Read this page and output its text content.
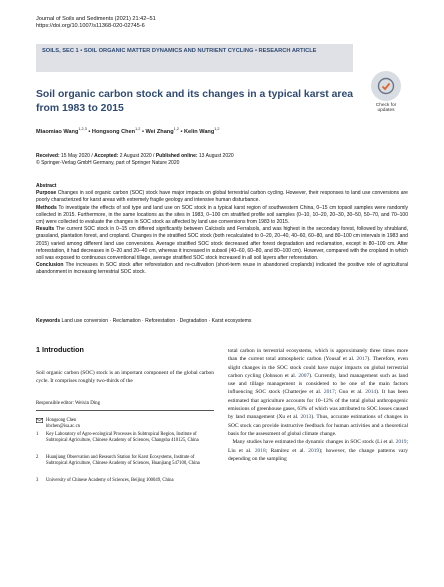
Journal of Soils and Sediments (2021) 21:42–51
https://doi.org/10.1007/s11368-020-02745-6
SOILS, SEC 1 • SOIL ORGANIC MATTER DYNAMICS AND NUTRIENT CYCLING • RESEARCH ARTICLE
Check for
updates
Soil organic carbon stock and its changes in a typical karst area from 1983 to 2015
Miaomiao Wang$^{1,2,3}$ • Hongsong Chen$^{1,2}$ • Wei Zhang$^{1,2}$ • Kelin Wang$^{1,2}$
Received: 15 May 2020 / Accepted: 2 August 2020 / Published online: 13 August 2020
© Springer-Verlag GmbH Germany, part of Springer Nature 2020

Abstract

Purpose Changes in soil organic carbon (SOC) stock have major impacts on global terrestrial carbon cycling. However, their responses to land use conversions are poorly characterized for karst areas with extremely fragile geology and intensive human disturbance.

Methods To investigate the effects of soil type and land use on SOC stock in a typical karst region of southwestern China, 0–15 cm topsoil samples were randomly collected in 2015. Furthermore, in the same locations as the sites in 1983, 0–100 cm stratified profile soil samples (0–10, 10–20, 20–30, 30–50, 50–70, and 70–100 cm) were collected to evaluate the changes in SOC stock as affected by land use conversions from 1983 to 2015.

Results The current SOC stock in 0–15 cm differed significantly between Calcisols and Ferralsols, and was highest in the secondary forest, followed by shrubland, grassland, plantation forest, and cropland. Changes in the stratified SOC stock (both recalculated to 0–20, 20–40, 40–60, 60–80, and 80–100 cm intervals in 1983 and 2015) varied among different land use conversions. Average stratified SOC stock decreased after forest degradation and reclamation, except in 80–100 cm. After reforestation, it had decreases in 0–20 and 20–40 cm, whereas it increased in subsoil (40–60, 60–80, and 80–100 cm). However, compared with the cropland in which soil was exposed to continuous conventional tillage, average stratified SOC stock increased in all soil layers after reforestation.

Conclusion The increases in SOC stock after reforestation and re-cultivation (short-term reuse in abandoned croplands) indicated the positive role of agricultural abandonment in increasing terrestrial SOC stock.

Keywords Land use conversion · Reclamation · Reforestation · Degradation · Karst ecosystems
1 Introduction
Soil organic carbon (SOC) stock is an important component of the global carbon cycle. It comprises roughly two-thirds of the
Responsible editor: Weixin Ding
Hongsong Chen
hbchen@isa.ac.cn
1 Key Laboratory of Agro-ecological Processes in Subtropical Region, Institute of Subtropical Agriculture, Chinese Academy of Sciences, Changsha 410125, China
2 Huanjiang Observation and Research Station for Karst Ecosystems, Institute of Subtropical Agriculture, Chinese Academy of Sciences, Huanjiang 547100, China
3 University of Chinese Academy of Sciences, Beijing 100049, China
total carbon in terrestrial ecosystems, which is approximately three times more than the current total atmospheric carbon (Yousaf et al. 2017). Therefore, even slight changes in the SOC stock could have major impacts on global terrestrial carbon cycling (Johnson et al. 2007). Currently, land management such as land use and tillage management is considered to be one of the main factors influencing SOC stock (Chatterjee et al. 2017; Guo et al. 2014). It has been estimated that agriculture accounts for 10–12% of the total global anthropogenic emissions of greenhouse gases, 63% of which was attributed to SOC losses caused by land management (Xu et al. 2013). Thus, accurate estimations of changes in SOC stock can provide instructive feedback for human activities and a theoretical basis for the assessment of global climate change.
Many studies have estimated the dynamic changes in SOC stock (Li et al. 2019; Liu et al. 2018; Ramírez et al. 2019); however, the change patterns vary depending on the sampling
